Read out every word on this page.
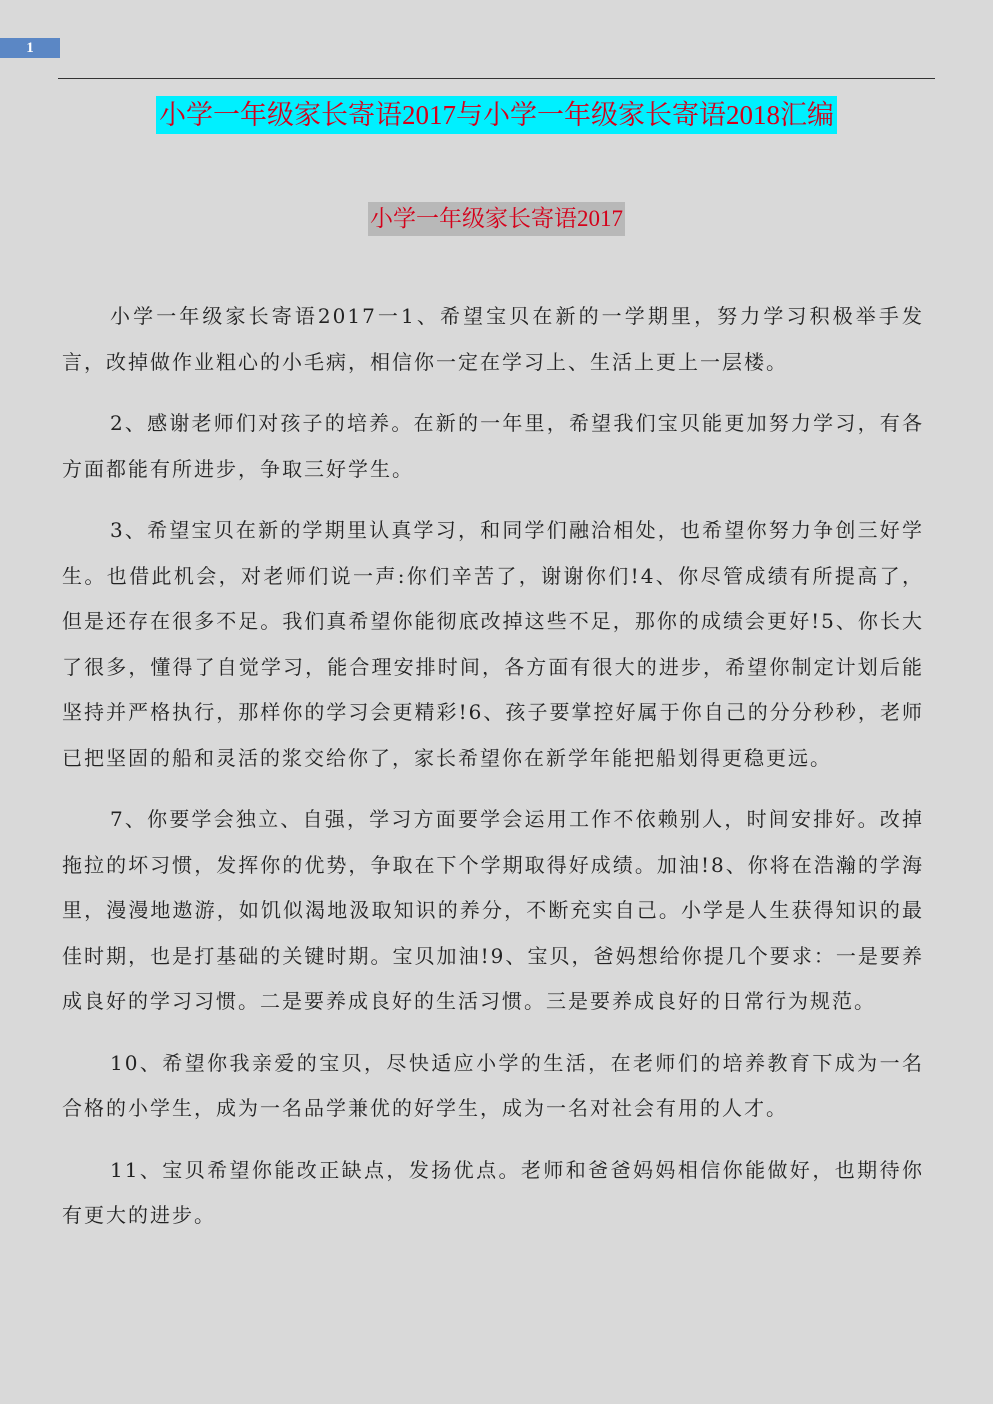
1
小学一年级家长寄语2017与小学一年级家长寄语2018汇编
小学一年级家长寄语2017

小学一年级家长寄语2017一1、希望宝贝在新的一学期里，努力学习积极举手发言，改掉做作业粗心的小毛病，相信你一定在学习上、生活上更上一层楼。

2、感谢老师们对孩子的培养。在新的一年里，希望我们宝贝能更加努力学习，有各方面都能有所进步，争取三好学生。

3、希望宝贝在新的学期里认真学习，和同学们融洽相处，也希望你努力争创三好学生。也借此机会，对老师们说一声:你们辛苦了，谢谢你们!4、你尽管成绩有所提高了，但是还存在很多不足。我们真希望你能彻底改掉这些不足，那你的成绩会更好!5、你长大了很多，懂得了自觉学习，能合理安排时间，各方面有很大的进步，希望你制定计划后能坚持并严格执行，那样你的学习会更精彩!6、孩子要掌控好属于你自己的分分秒秒，老师已把坚固的船和灵活的浆交给你了，家长希望你在新学年能把船划得更稳更远。

7、你要学会独立、自强，学习方面要学会运用工作不依赖别人，时间安排好。改掉拖拉的坏习惯，发挥你的优势，争取在下个学期取得好成绩。加油!8、你将在浩瀚的学海里，漫漫地遨游，如饥似渴地汲取知识的养分，不断充实自己。小学是人生获得知识的最佳时期，也是打基础的关键时期。宝贝加油!9、宝贝，爸妈想给你提几个要求：一是要养成良好的学习习惯。二是要养成良好的生活习惯。三是要养成良好的日常行为规范。

10、希望你我亲爱的宝贝，尽快适应小学的生活，在老师们的培养教育下成为一名合格的小学生，成为一名品学兼优的好学生，成为一名对社会有用的人才。

11、宝贝希望你能改正缺点，发扬优点。老师和爸爸妈妈相信你能做好，也期待你有更大的进步。
